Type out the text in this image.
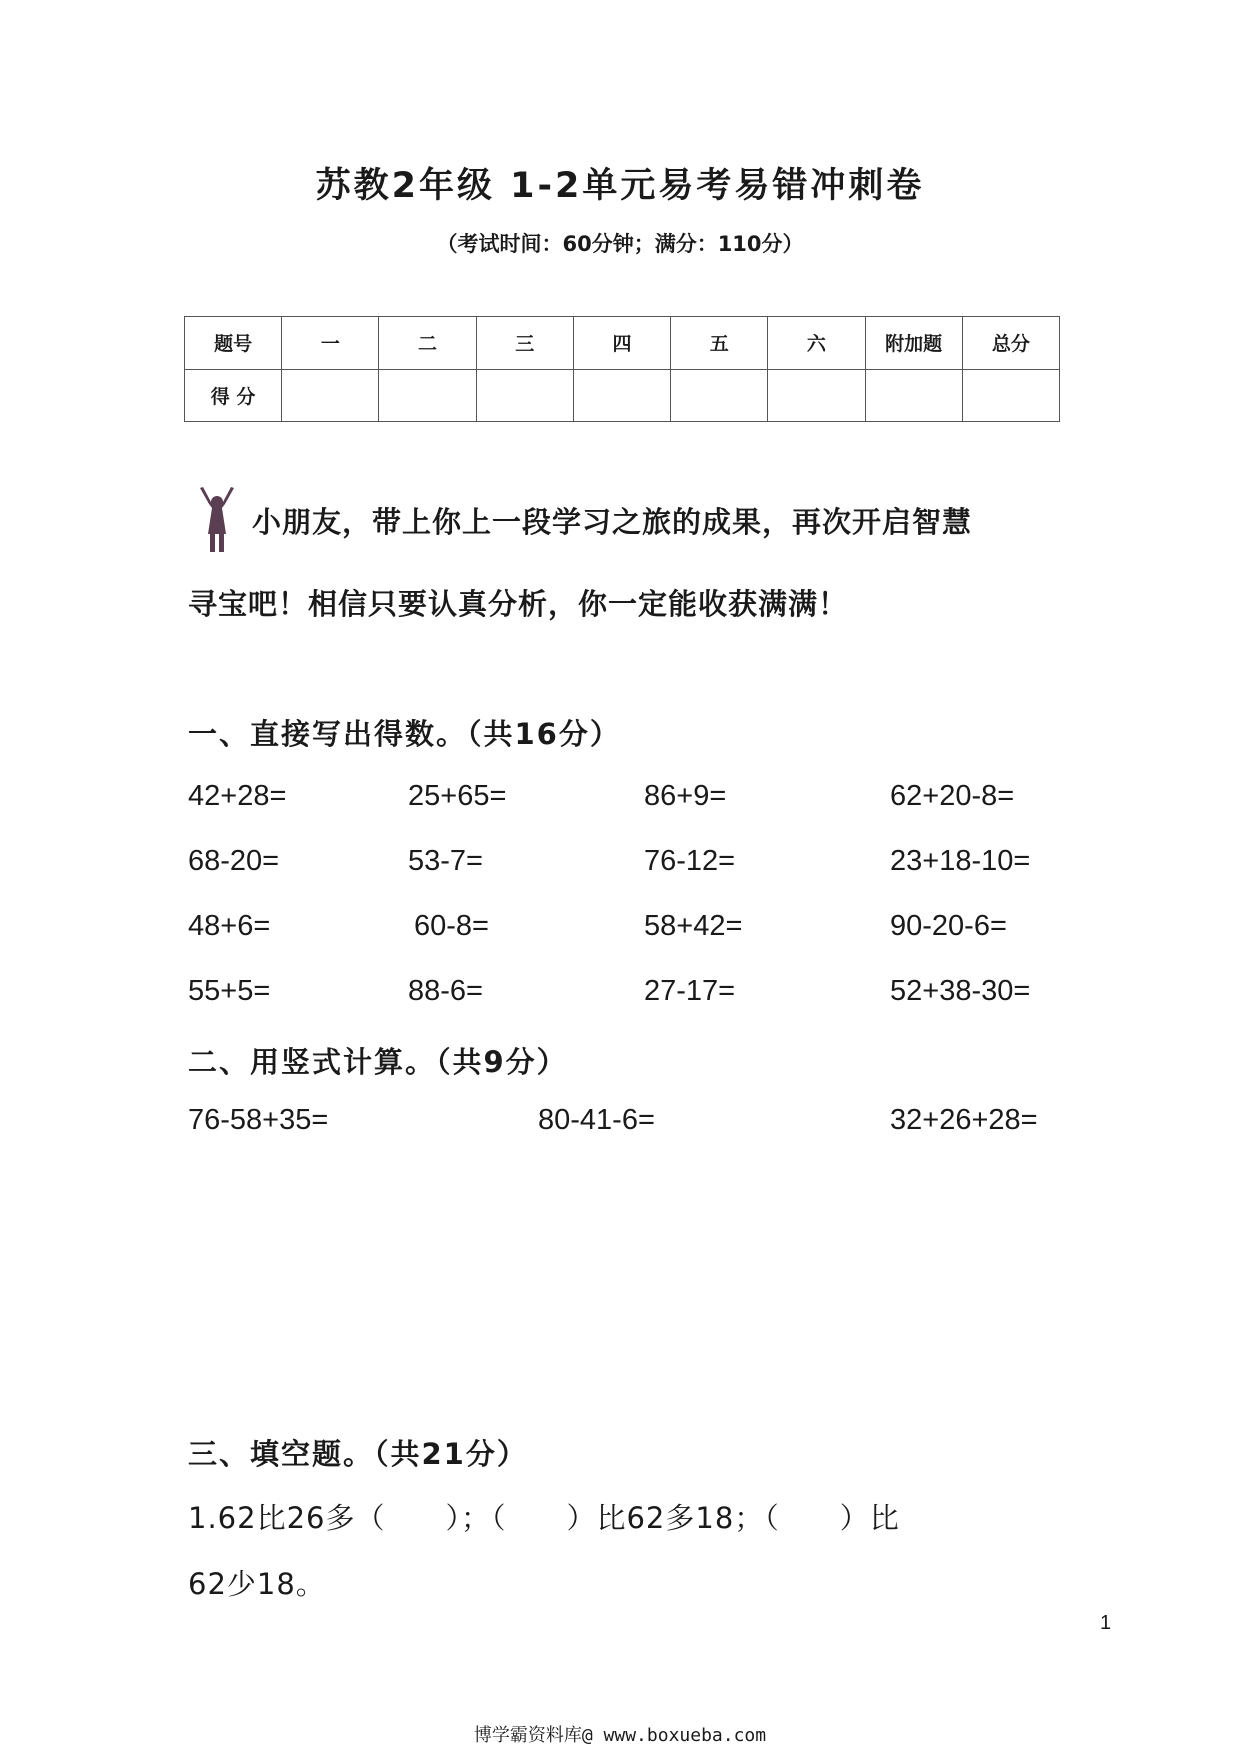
苏教2年级 1-2单元易考易错冲刺卷
（考试时间：60分钟；满分：110分）
题号	一	二	三	四	五	六	附加题	总分
得 分								
小朋友，带上你上一段学习之旅的成果，再次开启智慧
寻宝吧！相信只要认真分析，你一定能收获满满！
一、直接写出得数。（共16分）
42+28=	25+65=	86+9=	62+20-8=
68-20=	53-7=	76-12=	23+18-10=
48+6=	60-8=	58+42=	90-20-6=
55+5=	88-6=	27-17=	52+38-30=
二、用竖式计算。（共9分）
76-58+35=	80-41-6=	32+26+28=
三、填空题。（共21分）
1.62比26多（　　）；（　　）比62多18；（　　）比
62少18。
1
博学霸资料库@ www.boxueba.com
